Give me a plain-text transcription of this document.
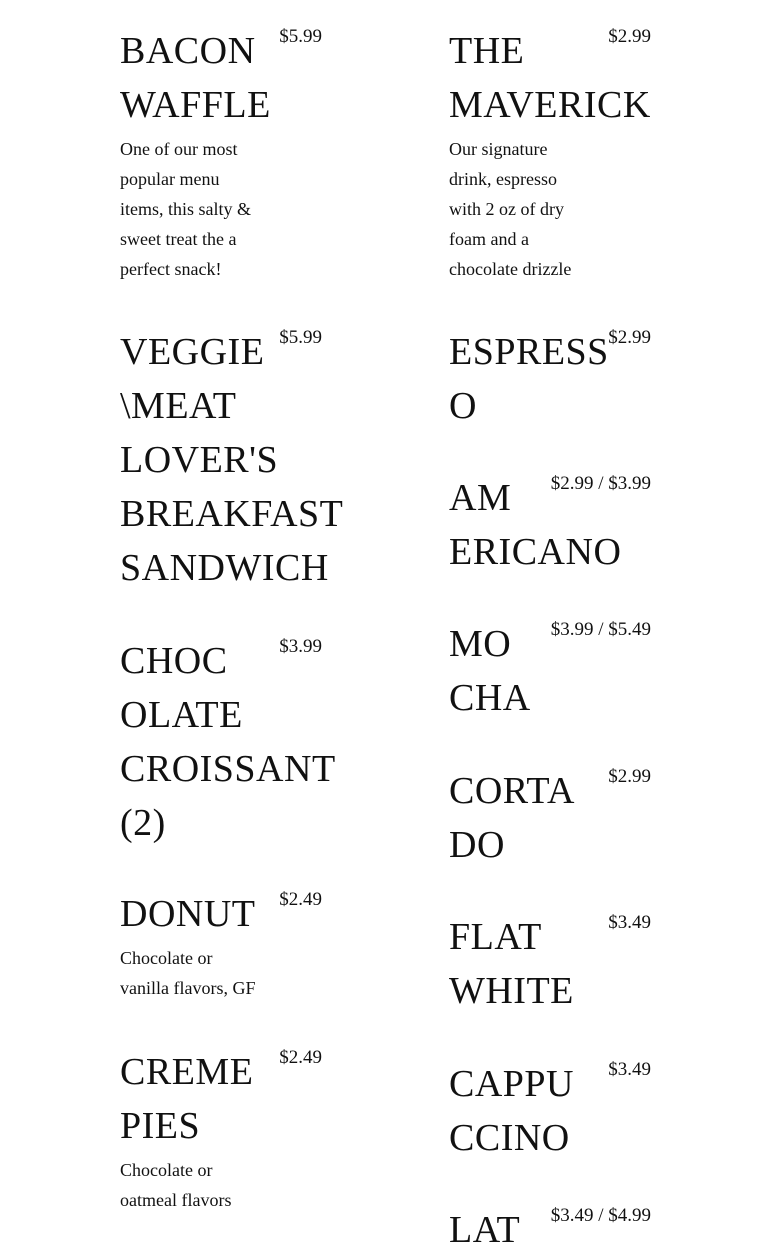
BACON
WAFFLE
$5.99
One of our most
popular menu
items, this salty &
sweet treat the a
perfect snack!
VEGGIE
\MEAT
LOVER'S
BREAKFAST
SANDWICH
$5.99
CHOC
OLATE
CROISSANT
(2)
$3.99
DONUT $2.49
Chocolate or
vanilla flavors, GF
CREME
PIES
$2.49
Chocolate or
oatmeal flavors
THE
MAVERICK
$2.99
Our signature
drink, espresso
with 2 oz of dry
foam and a
chocolate drizzle
ESPRESS
O
$2.99
AM
ERICANO
$2.99 / $3.99
MO
CHA
$3.99 / $5.49
CORTA
DO
$2.99
FLAT
WHITE
$3.49
CAPPU
CCINO
$3.49
LAT $3.49 / $4.99
